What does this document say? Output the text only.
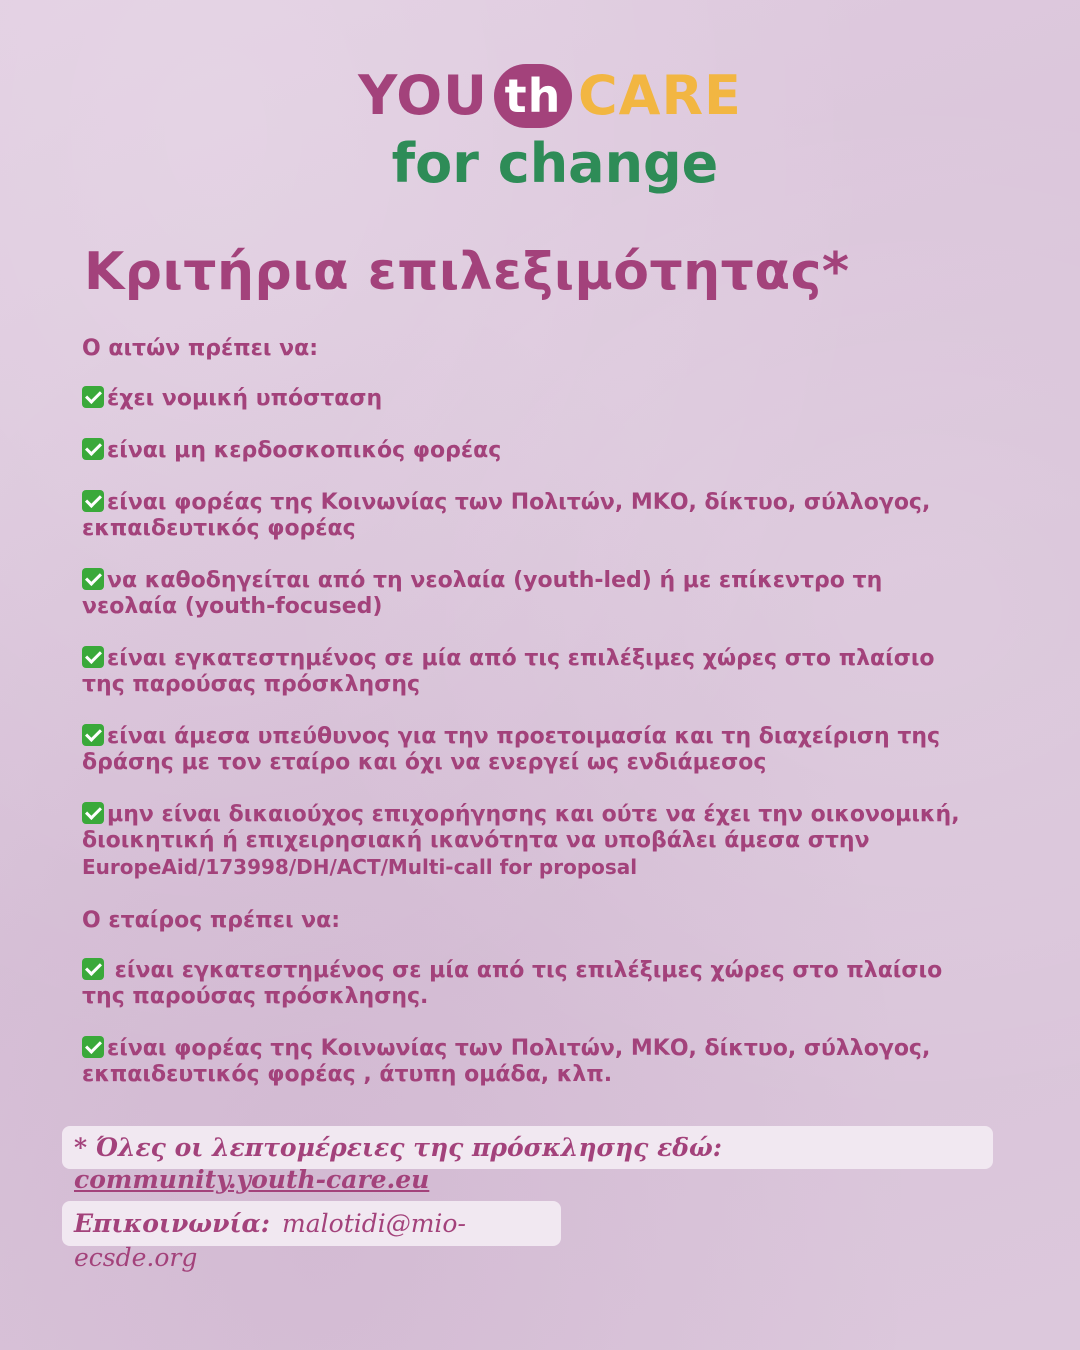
YOU th CARE
for change
Κριτήρια επιλεξιμότητας*
Ο αιτών πρέπει να:
έχει νομική υπόσταση
είναι μη κερδοσκοπικός φορέας
είναι φορέας της Κοινωνίας των Πολιτών, ΜΚΟ, δίκτυο, σύλλογος, εκπαιδευτικός φορέας
να καθοδηγείται από τη νεολαία (youth-led) ή με επίκεντρο τη νεολαία (youth-focused)
είναι εγκατεστημένος σε μία από τις επιλέξιμες χώρες στο πλαίσιο της παρούσας πρόσκλησης
είναι άμεσα υπεύθυνος για την προετοιμασία και τη διαχείριση της δράσης με τον εταίρο και όχι να ενεργεί ως ενδιάμεσος
μην είναι δικαιούχος επιχορήγησης και ούτε να έχει την οικονομική, διοικητική ή επιχειρησιακή ικανότητα να υποβάλει άμεσα στην
EuropeAid/173998/DH/ACT/Multi-call for proposal
Ο εταίρος πρέπει να:
είναι εγκατεστημένος σε μία από τις επιλέξιμες χώρες στο πλαίσιο της παρούσας πρόσκλησης.
είναι φορέας της Κοινωνίας των Πολιτών, ΜΚΟ, δίκτυο, σύλλογος, εκπαιδευτικός φορέας , άτυπη ομάδα, κλπ.
* Όλες οι λεπτομέρειες της πρόσκλησης εδώ: community.youth-care.eu
Επικοινωνία: malotidi@mio-ecsde.org
